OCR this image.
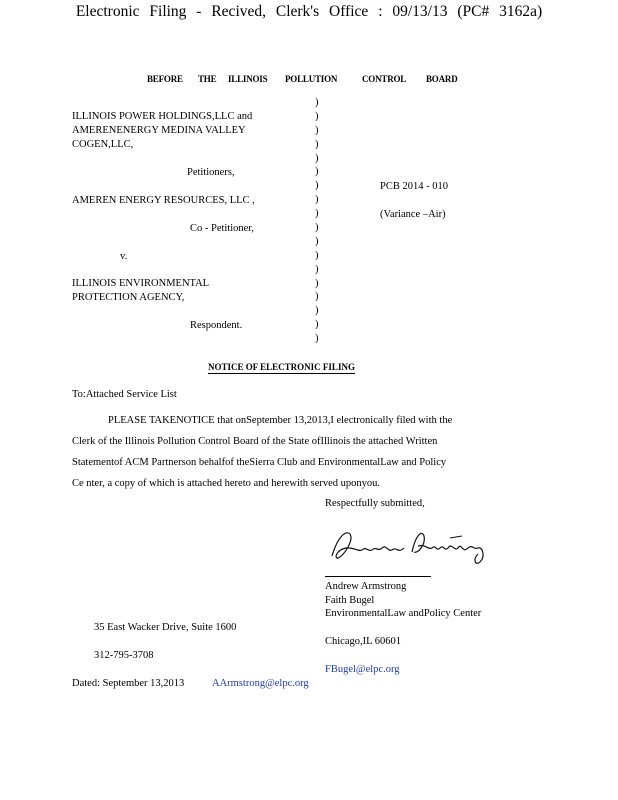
Electronic Filing - Recived, Clerk's Office : 09/13/13 (PC# 3162a)
BEFORE THE ILLINOIS POLLUTION	CONTROL BOARD
ILLINOIS POWER HOLDINGS,LLC and
AMERENENERGY MEDINA VALLEY
COGEN,LLC,
Petitioners,
AMEREN ENERGY RESOURCES, LLC ,
Co - Petitioner,
v.
ILLINOIS ENVIRONMENTAL
PROTECTION AGENCY,
Respondent.
)
)
)
)
)
)
)
)
)
)
)
)
)
)
)
)
)
)
PCB 2014 - 010
(Variance –Air)
NOTICE OF ELECTRONIC FILING
To:Attached Service List
PLEASE TAKENOTICE that onSeptember 13,2013,I electronically filed with the
Clerk of the Illinois Pollution Control Board of the State ofIllinois the attached Written
Statementof ACM Partnerson behalfof theSierra Club and EnvironmentalLaw and Policy
Ce nter, a copy of which is attached hereto and herewith served uponyou.
Respectfully submitted,
Andrew Armstrong
Faith Bugel
EnvironmentalLaw andPolicy Center
35 East Wacker Drive, Suite 1600
Chicago,IL 60601
312-795-3708
FBugel@elpc.org
Dated: September 13,2013	AArmstrong@elpc.org
